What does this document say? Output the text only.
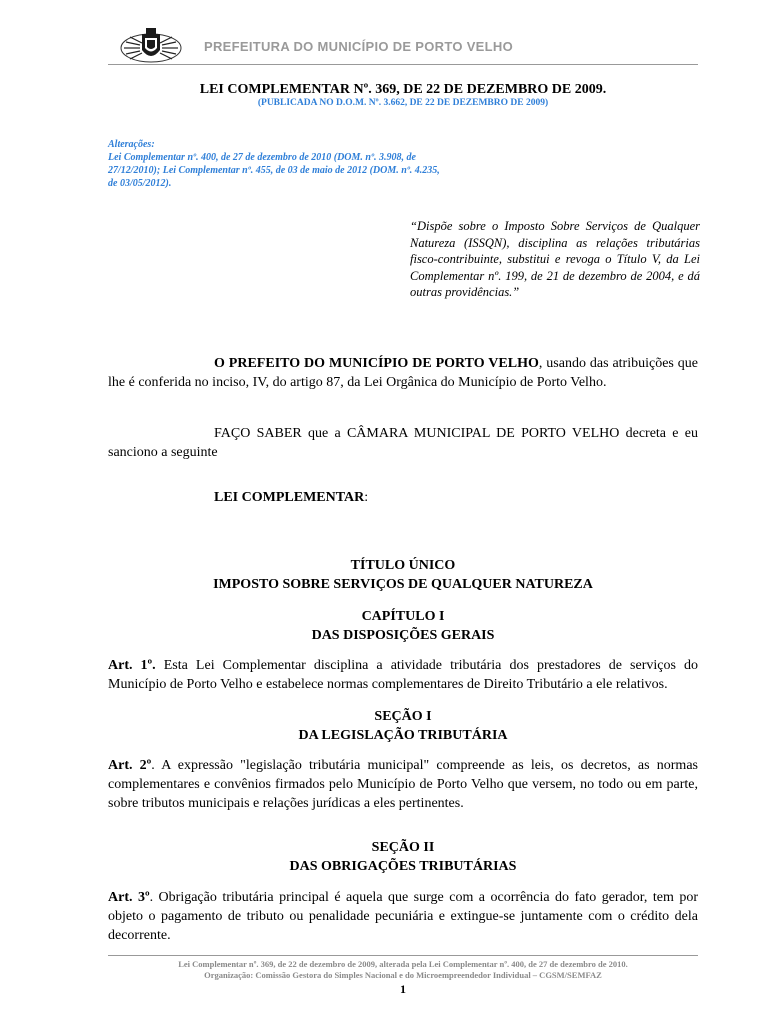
PREFEITURA DO MUNICÍPIO DE PORTO VELHO
LEI COMPLEMENTAR Nº. 369, DE 22 DE DEZEMBRO DE 2009.
(PUBLICADA NO D.O.M. Nº. 3.662, DE 22 DE DEZEMBRO DE 2009)
Alterações:
Lei Complementar nº. 400, de 27 de dezembro de 2010 (DOM. nº. 3.908, de 27/12/2010); Lei Complementar nº. 455, de 03 de maio de 2012 (DOM. nº. 4.235, de 03/05/2012).
“Dispõe sobre o Imposto Sobre Serviços de Qualquer Natureza (ISSQN), disciplina as relações tributárias fisco-contribuinte, substitui e revoga o Título V, da Lei Complementar nº. 199, de 21 de dezembro de 2004, e dá outras providências.”
O PREFEITO DO MUNICÍPIO DE PORTO VELHO, usando das atribuições que lhe é conferida no inciso, IV, do artigo 87, da Lei Orgânica do Município de Porto Velho.
FAÇO SABER que a CÂMARA MUNICIPAL DE PORTO VELHO decreta e eu sanciono a seguinte
LEI COMPLEMENTAR:
TÍTULO ÚNICO
IMPOSTO SOBRE SERVIÇOS DE QUALQUER NATUREZA
CAPÍTULO I
DAS DISPOSIÇÕES GERAIS
Art. 1º. Esta Lei Complementar disciplina a atividade tributária dos prestadores de serviços do Município de Porto Velho e estabelece normas complementares de Direito Tributário a ele relativos.
SEÇÃO I
DA LEGISLAÇÃO TRIBUTÁRIA
Art. 2º. A expressão "legislação tributária municipal" compreende as leis, os decretos, as normas complementares e convênios firmados pelo Município de Porto Velho que versem, no todo ou em parte, sobre tributos municipais e relações jurídicas a eles pertinentes.
SEÇÃO II
DAS OBRIGAÇÕES TRIBUTÁRIAS
Art. 3º. Obrigação tributária principal é aquela que surge com a ocorrência do fato gerador, tem por objeto o pagamento de tributo ou penalidade pecuniária e extingue-se juntamente com o crédito dela decorrente.
Lei Complementar nº. 369, de 22 de dezembro de 2009, alterada pela Lei Complementar nº. 400, de 27 de dezembro de 2010.
Organização: Comissão Gestora do Simples Nacional e do Microempreendedor Individual – CGSM/SEMFAZ
1
